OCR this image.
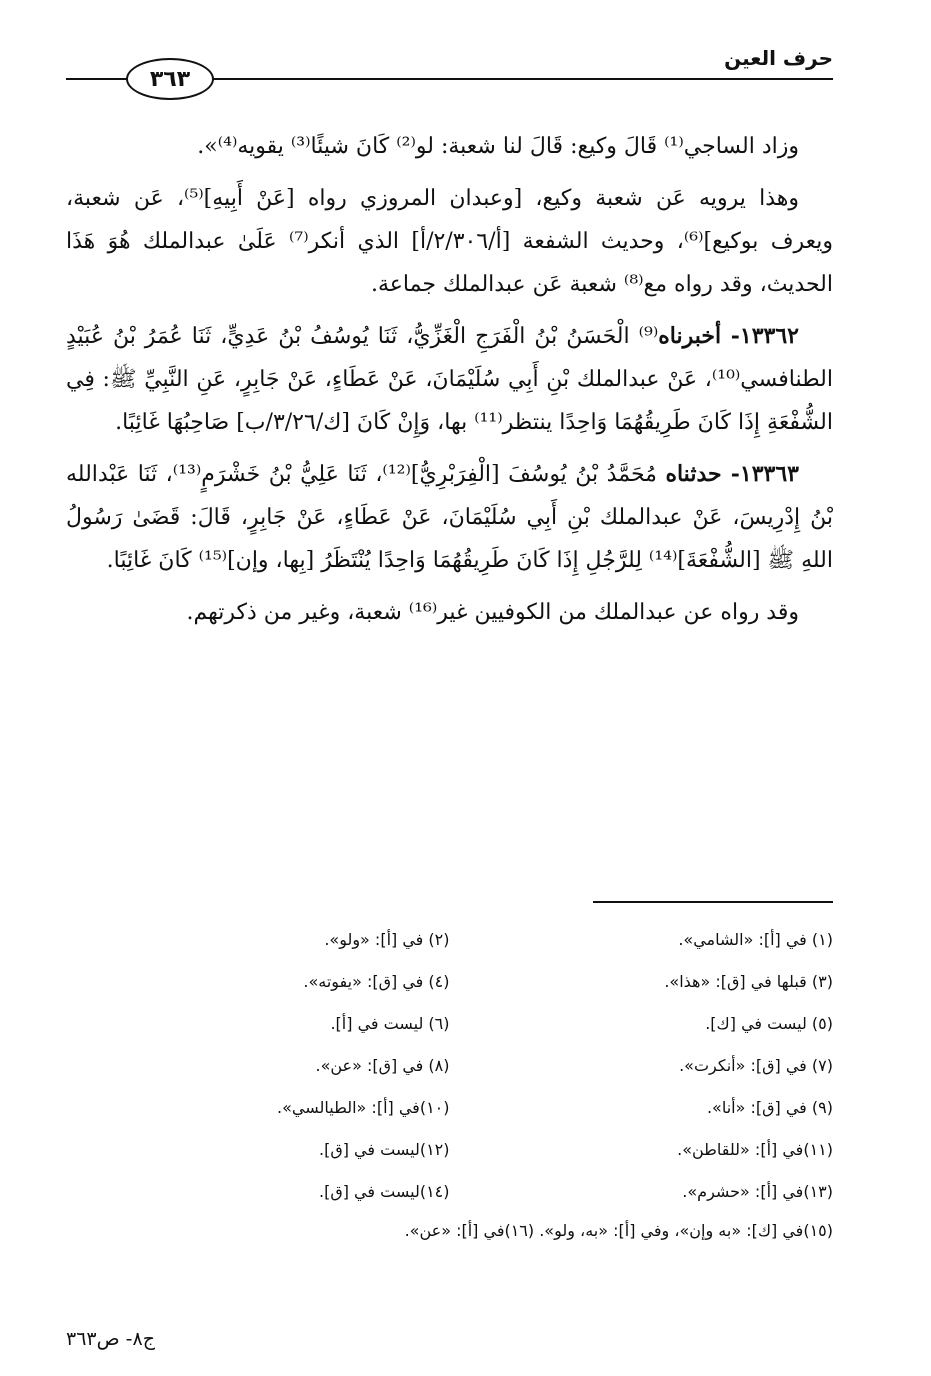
حرف العين
٣٦٣

وزاد الساجي⁽¹⁾ قَالَ وكيع: قَالَ لنا شعبة: لو⁽²⁾ كَانَ شيئًا⁽³⁾ يقويه⁽⁴⁾».

وهذا يرويه عَن شعبة وكيع، [وعبدان المروزي رواه [عَنْ أَبِيهِ]⁽⁵⁾، عَن شعبة، ويعرف بوكيع]⁽⁶⁾، وحديث الشفعة [أ/٢/٣٠٦/أ] الذي أنكر⁽⁷⁾ عَلَىٰ عبدالملك هُوَ هَذَا الحديث، وقد رواه مع⁽⁸⁾ شعبة عَن عبدالملك جماعة.

١٣٣٦٢- أخبرناه⁽⁹⁾ الْحَسَنُ بْنُ الْفَرَجِ الْغَزِّيُّ، ثَنَا يُوسُفُ بْنُ عَدِيٍّ، ثَنَا عُمَرُ بْنُ عُبَيْدٍ الطنافسي⁽¹⁰⁾، عَنْ عبدالملك بْنِ أَبِي سُلَيْمَانَ، عَنْ عَطَاءٍ، عَنْ جَابِرٍ، عَنِ النَّبِيِّ ﷺ: فِي الشُّفْعَةِ إِذَا كَانَ طَرِيقُهُمَا وَاحِدًا ينتظر⁽¹¹⁾ بها، وَإِنْ كَانَ [ك/٣/٢٦/ب] صَاحِبُهَا غَائِبًا.

١٣٣٦٣- حدثناه مُحَمَّدُ بْنُ يُوسُفَ [الْفِرَبْرِيُّ]⁽¹²⁾، ثَنَا عَلِيُّ بْنُ خَشْرَمٍ⁽¹³⁾، ثَنَا عَبْدالله بْنُ إِدْرِيسَ، عَنْ عبدالملك بْنِ أَبِي سُلَيْمَانَ، عَنْ عَطَاءٍ، عَنْ جَابِرٍ، قَالَ: قَضَىٰ رَسُولُ اللهِ ﷺ [الشُّفْعَةَ]⁽¹⁴⁾ لِلرَّجُلِ إِذَا كَانَ طَرِيقُهُمَا وَاحِدًا يُنْتَظَرُ [بِها، وإن]⁽¹⁵⁾ كَانَ غَائِبًا.

وقد رواه عن عبدالملك من الكوفيين غير⁽¹⁶⁾ شعبة، وغير من ذكرتهم.

(١) في [أ]: «الشامي».
(٢) في [أ]: «ولو».
(٣) قبلها في [ق]: «هذا».
(٤) في [ق]: «يفوته».
(٥) ليست في [ك].
(٦) ليست في [أ].
(٧) في [ق]: «أنكرت».
(٨) في [ق]: «عن».
(٩) في [ق]: «أنا».
(١٠)في [أ]: «الطيالسي».
(١١)في [أ]: «للقاطن».
(١٢)ليست في [ق].
(١٣)في [أ]: «حشرم».
(١٤)ليست في [ق].
(١٥)في [ك]: «به وإن»، وفي [أ]: «به، ولو». (١٦)في [أ]: «عن».
ج٨- ص٣٦٣
